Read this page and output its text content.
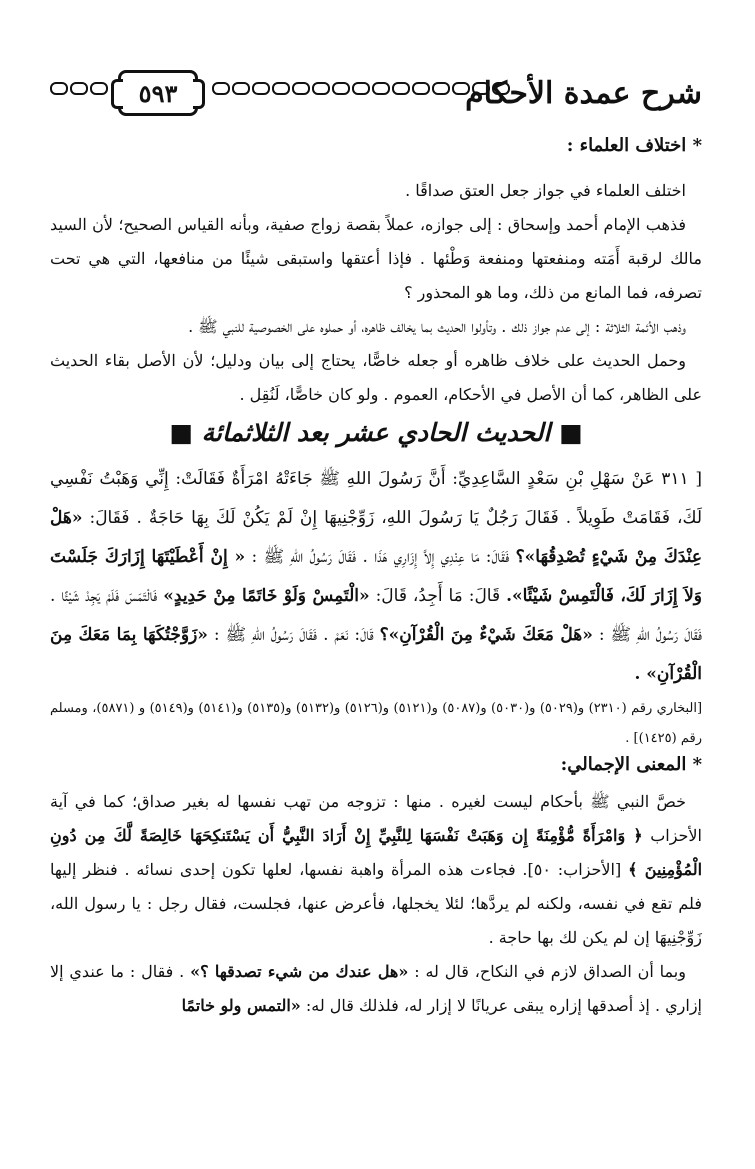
٥٩٣	شرح عمدة الأحكام
* اختلاف العلماء :

اختلف العلماء في جواز جعل العتق صداقًا .

فذهب الإمام أحمد وإسحاق : إلى جوازه، عملاً بقصة زواج صفية، وبأنه القياس الصحيح؛ لأن السيد مالك لرقبة أَمَته ومنفعتها ومنفعة وَطْئها . فإذا أعتقها واستبقى شيئًا من منافعها، التي هي تحت تصرفه، فما المانع من ذلك، وما هو المحذور ؟

وذهب الأئمة الثلاثة : إلى عدم جواز ذلك . وتأولوا الحديث بما يخالف ظاهره، أو حملوه على الخصوصية للنبي ﷺ .

وحمل الحديث على خلاف ظاهره أو جعله خاصًّا، يحتاج إلى بيان ودليل؛ لأن الأصل بقاء الحديث على الظاهر، كما أن الأصل في الأحكام، العموم . ولو كان خاصًّا، لَنُقِل .

■ الحديث الحادي عشر بعد الثلاثمائة ■

[ ٣١١ عَنْ سَهْلِ بْنِ سَعْدٍ السَّاعِدِيِّ: أَنَّ رَسُولَ اللهِ ﷺ جَاءَتْهُ امْرَأَةٌ فَقَالَتْ: إِنِّي وَهَبْتُ نَفْسِي لَكَ، فَقَامَتْ طَوِيلاً . فَقَالَ رَجُلٌ يَا رَسُولَ اللهِ، زَوِّجْنِيهَا إِنْ لَمْ يَكُنْ لَكَ بِهَا حَاجَةٌ . فَقَالَ: «هَلْ عِنْدَكَ مِنْ شَيْءٍ تُصْدِقُهَا»؟ فَقَالَ: مَا عِنْدِي إِلاَّ إِزَارِي هَذَا . فَقَالَ رَسُولُ اللهِ ﷺ : « إِنْ أَعْطَيْتَهَا إِزَارَكَ جَلَسْتَ وَلاَ إِزَارَ لَكَ، فَالْتَمِسْ شَيْئًا». قَالَ: مَا أَجِدُ، قَالَ: «الْتَمِسْ وَلَوْ خَاتَمًا مِنْ حَدِيدٍ» فَالْتَمَسَ فَلَمْ يَجِدْ شَيْئًا . فَقَالَ رَسُولُ اللهِ ﷺ : «هَلْ مَعَكَ شَيْءٌ مِنَ الْقُرْآنِ»؟ قَالَ: نَعَمْ . فَقَالَ رَسُولُ اللهِ ﷺ : «زَوَّجْتُكَهَا بِمَا مَعَكَ مِنَ الْقُرْآنِ» .

[البخاري رقم (٢٣١٠) و(٥٠٢٩) و(٥٠٣٠) و(٥٠٨٧) و(٥١٢١) و(٥١٢٦) و(٥١٣٢) و(٥١٣٥) و(٥١٤١) و(٥١٤٩) و (٥٨٧١)، ومسلم رقم (١٤٢٥)] .

* المعنى الإجمالي:

خصَّ النبي ﷺ بأحكام ليست لغيره . منها : تزوجه من تهب نفسها له بغير صداق؛ كما في آية الأحزاب ﴿ وَامْرَأَةً مُّؤْمِنَةً إِن وَهَبَتْ نَفْسَهَا لِلنَّبِيِّ إِنْ أَرَادَ النَّبِيُّ أَن يَسْتَنكِحَهَا خَالِصَةً لَّكَ مِن دُونِ الْمُؤْمِنِينَ ﴾ [الأحزاب: ٥٠]. فجاءت هذه المرأة واهبة نفسها، لعلها تكون إحدى نسائه . فنظر إليها فلم تقع في نفسه، ولكنه لم يردَّها؛ لئلا يخجلها، فأعرض عنها، فجلست، فقال رجل : يا رسول الله، زَوِّجْنِيهَا إن لم يكن لك بها حاجة .

وبما أن الصداق لازم في النكاح، قال له : «هل عندك من شيء تصدقها ؟» . فقال : ما عندي إلا إزاري . إذ أصدقها إزاره يبقى عريانًا لا إزار له، فلذلك قال له: «التمس ولو خاتمًا
